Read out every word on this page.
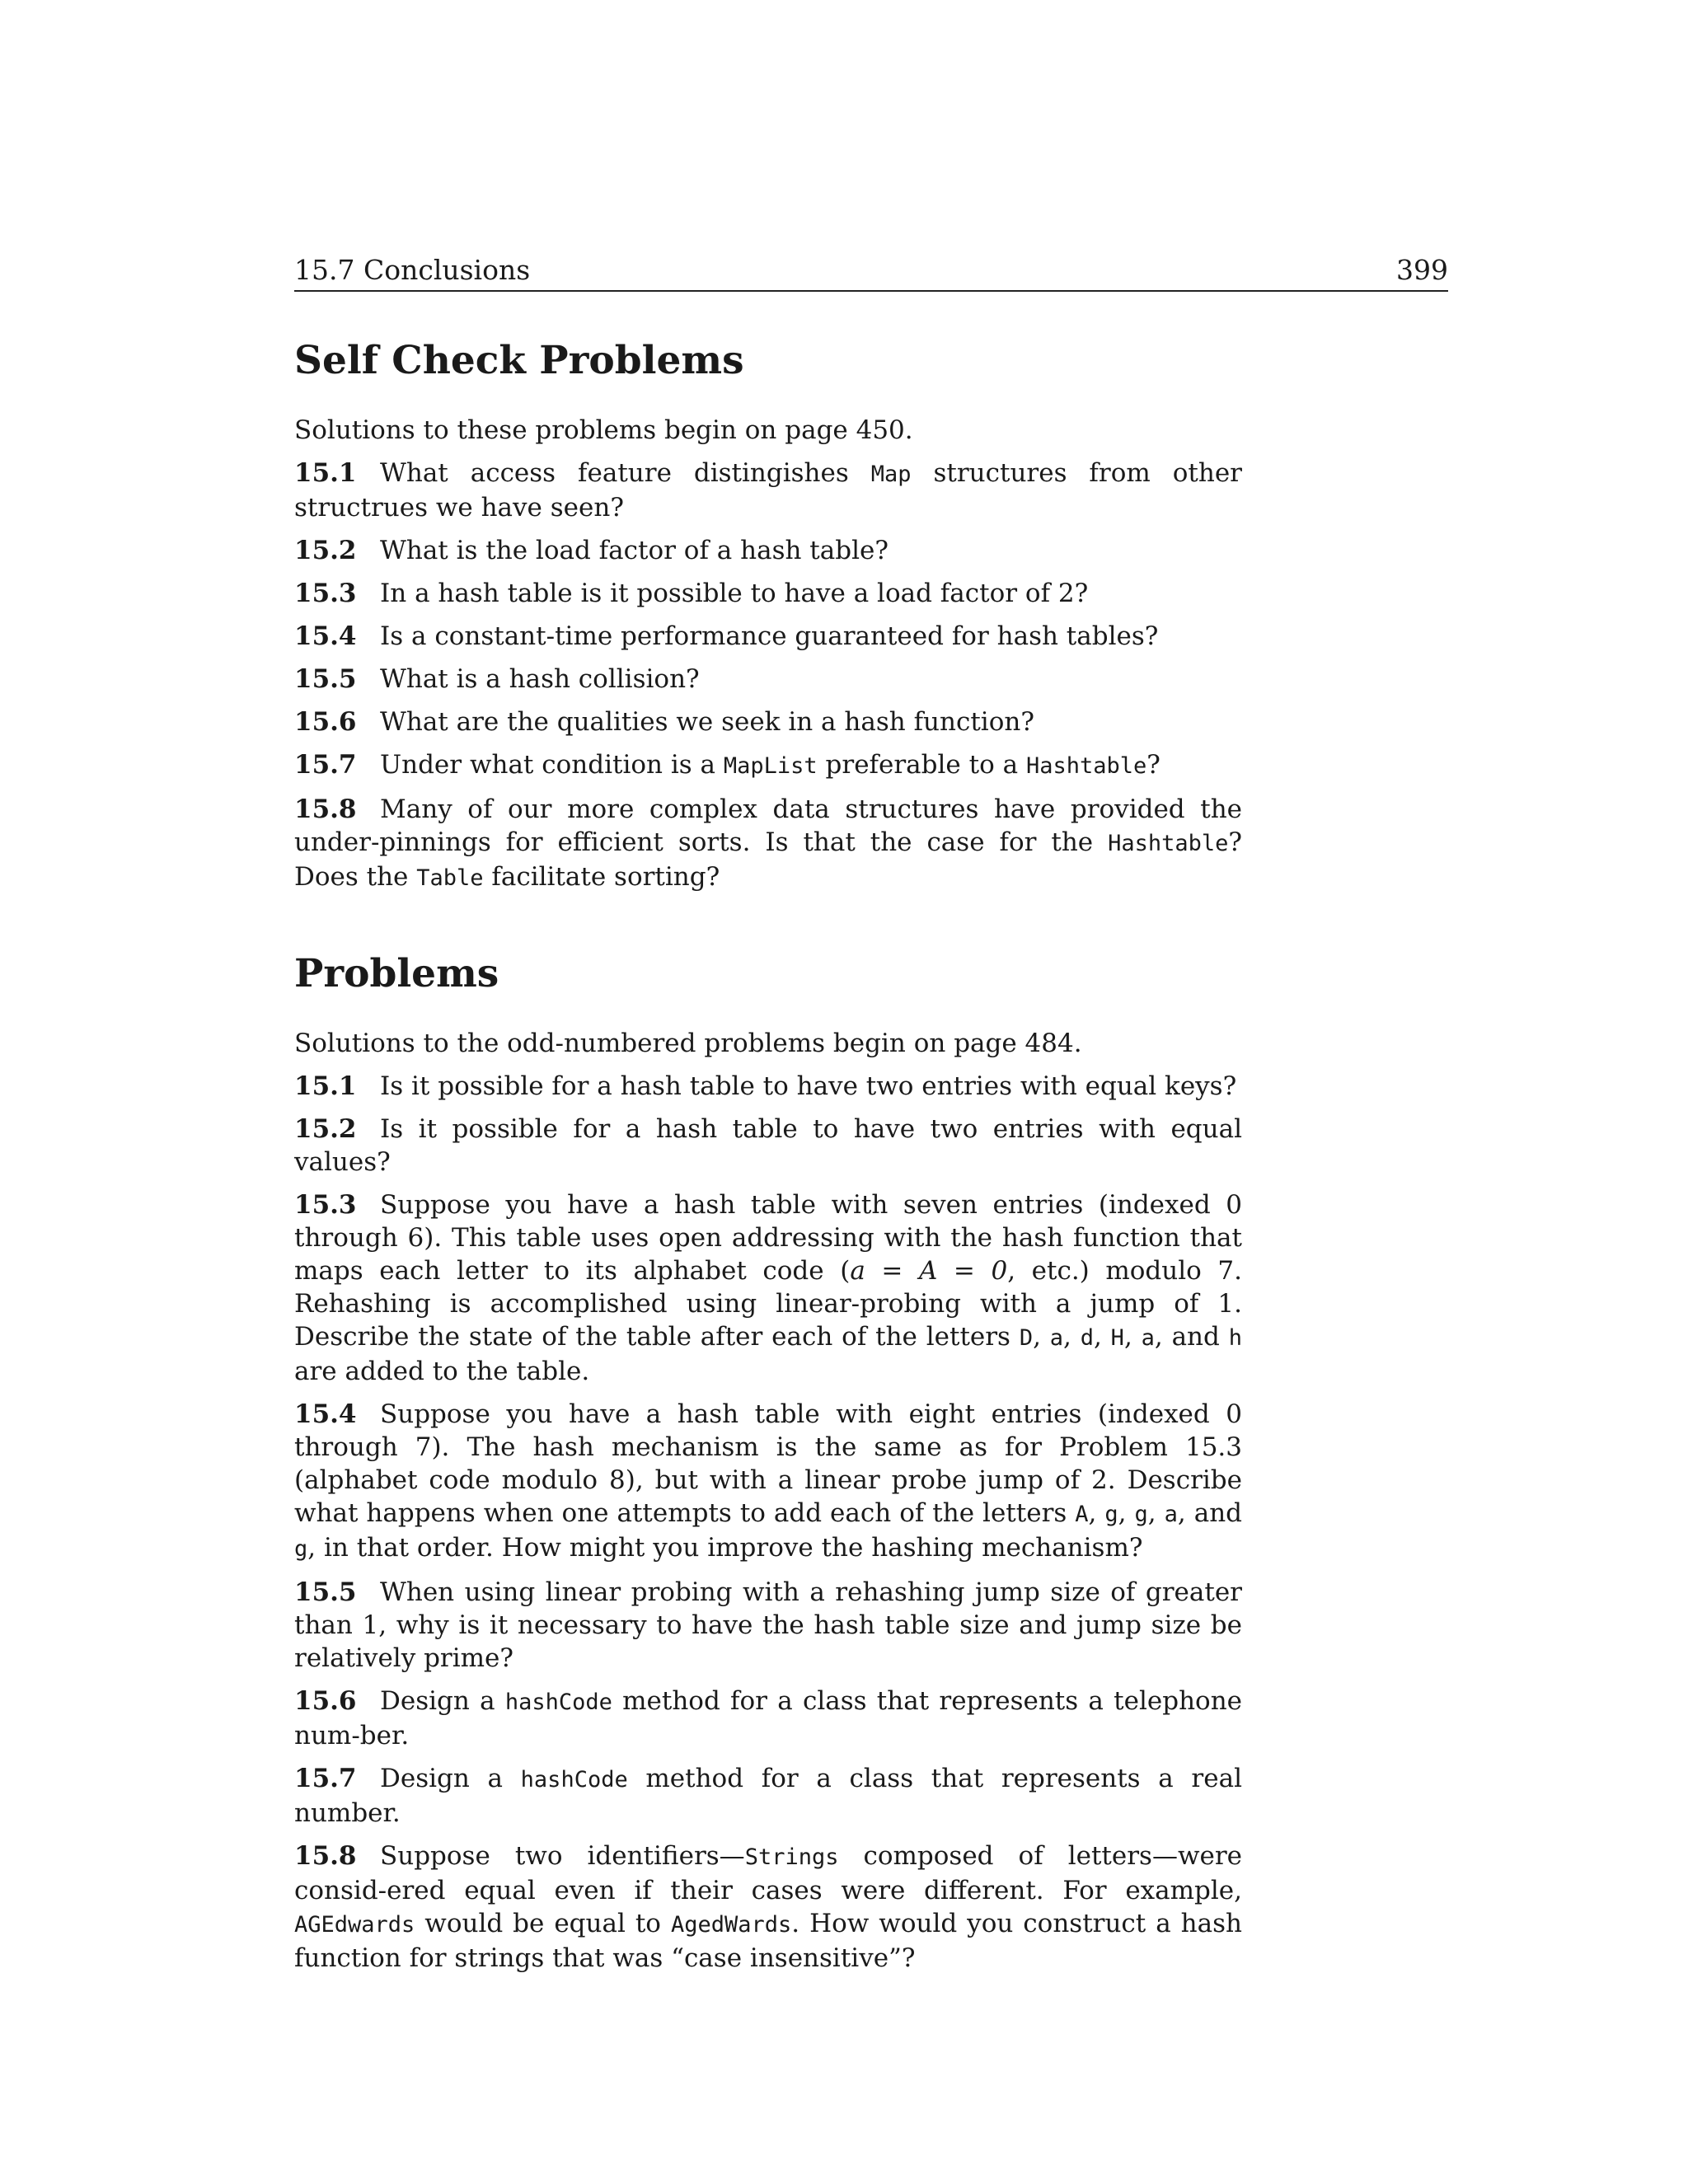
15.7 Conclusions	399
Self Check Problems

Solutions to these problems begin on page 450.

15.1 What access feature distingishes Map structures from other structrues we have seen?

15.2 What is the load factor of a hash table?

15.3 In a hash table is it possible to have a load factor of 2?

15.4 Is a constant-time performance guaranteed for hash tables?

15.5 What is a hash collision?

15.6 What are the qualities we seek in a hash function?

15.7 Under what condition is a MapList preferable to a Hashtable?

15.8 Many of our more complex data structures have provided the under-pinnings for efficient sorts. Is that the case for the Hashtable? Does the Table facilitate sorting?

Problems

Solutions to the odd-numbered problems begin on page 484.

15.1 Is it possible for a hash table to have two entries with equal keys?

15.2 Is it possible for a hash table to have two entries with equal values?

15.3 Suppose you have a hash table with seven entries (indexed 0 through 6). This table uses open addressing with the hash function that maps each letter to its alphabet code (a = A = 0, etc.) modulo 7. Rehashing is accomplished using linear-probing with a jump of 1. Describe the state of the table after each of the letters D, a, d, H, a, and h are added to the table.

15.4 Suppose you have a hash table with eight entries (indexed 0 through 7). The hash mechanism is the same as for Problem 15.3 (alphabet code modulo 8), but with a linear probe jump of 2. Describe what happens when one attempts to add each of the letters A, g, g, a, and g, in that order. How might you improve the hashing mechanism?

15.5 When using linear probing with a rehashing jump size of greater than 1, why is it necessary to have the hash table size and jump size be relatively prime?

15.6 Design a hashCode method for a class that represents a telephone num-ber.

15.7 Design a hashCode method for a class that represents a real number.

15.8 Suppose two identifiers—Strings composed of letters—were consid-ered equal even if their cases were different. For example, AGEdwards would be equal to AgedWards. How would you construct a hash function for strings that was “case insensitive”?
